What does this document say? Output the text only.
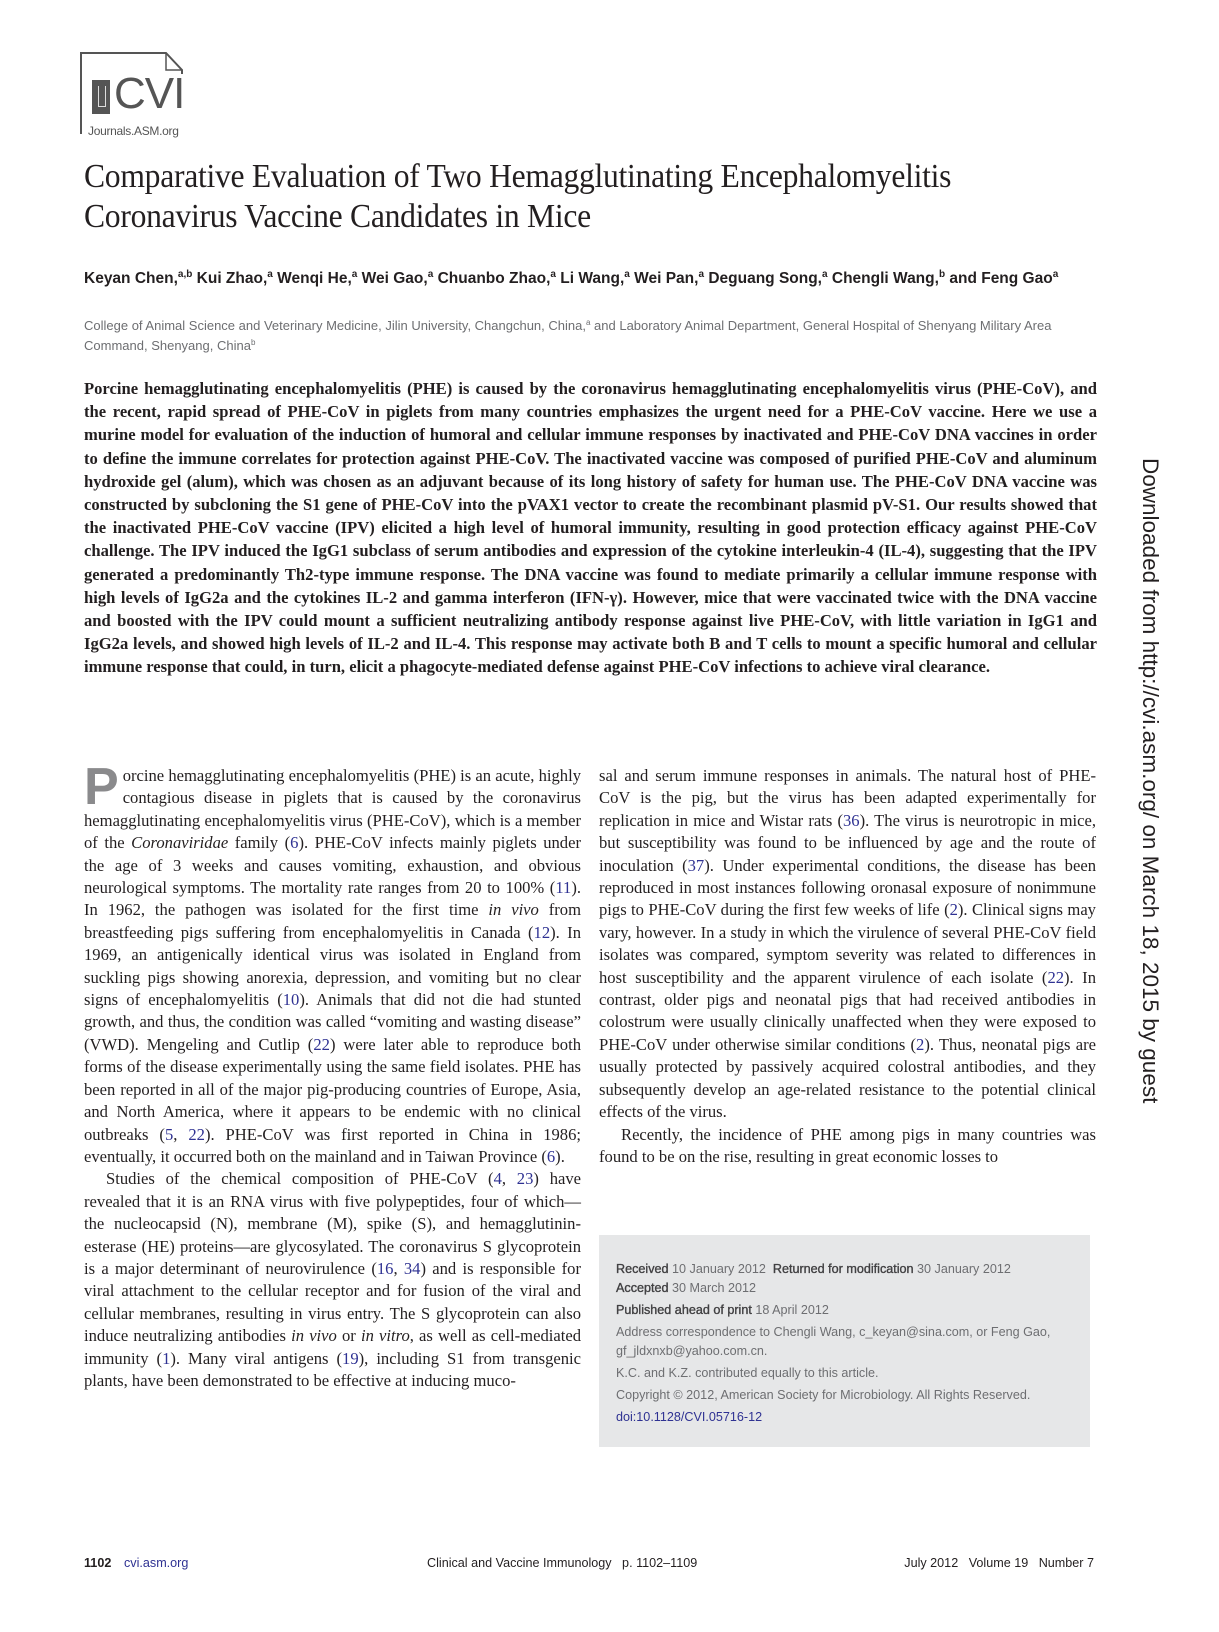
CVI
Journals.ASM.org
Comparative Evaluation of Two Hemagglutinating Encephalomyelitis Coronavirus Vaccine Candidates in Mice
Keyan Chen,$^{a,b}$ Kui Zhao,$^a$ Wenqi He,$^a$ Wei Gao,$^a$ Chuanbo Zhao,$^a$ Li Wang,$^a$ Wei Pan,$^a$ Deguang Song,$^a$ Chengli Wang,$^b$ and Feng Gao$^a$
College of Animal Science and Veterinary Medicine, Jilin University, Changchun, China,$^a$ and Laboratory Animal Department, General Hospital of Shenyang Military Area Command, Shenyang, China$^b$
Porcine hemagglutinating encephalomyelitis (PHE) is caused by the coronavirus hemagglutinating encephalomyelitis virus (PHE-CoV), and the recent, rapid spread of PHE-CoV in piglets from many countries emphasizes the urgent need for a PHE-CoV vaccine. Here we use a murine model for evaluation of the induction of humoral and cellular immune responses by inactivated and PHE-CoV DNA vaccines in order to define the immune correlates for protection against PHE-CoV. The inactivated vaccine was composed of purified PHE-CoV and aluminum hydroxide gel (alum), which was chosen as an adjuvant because of its long history of safety for human use. The PHE-CoV DNA vaccine was constructed by subcloning the S1 gene of PHE-CoV into the pVAX1 vector to create the recombinant plasmid pV-S1. Our results showed that the inactivated PHE-CoV vaccine (IPV) elicited a high level of humoral immunity, resulting in good protection efficacy against PHE-CoV challenge. The IPV induced the IgG1 subclass of serum antibodies and expression of the cytokine interleukin-4 (IL-4), suggesting that the IPV generated a predominantly Th2-type immune response. The DNA vaccine was found to mediate primarily a cellular immune response with high levels of IgG2a and the cytokines IL-2 and gamma interferon (IFN-γ). However, mice that were vaccinated twice with the DNA vaccine and boosted with the IPV could mount a sufficient neutralizing antibody response against live PHE-CoV, with little variation in IgG1 and IgG2a levels, and showed high levels of IL-2 and IL-4. This response may activate both B and T cells to mount a specific humoral and cellular immune response that could, in turn, elicit a phagocyte-mediated defense against PHE-CoV infections to achieve viral clearance.

Porcine hemagglutinating encephalomyelitis (PHE) is an acute, highly contagious disease in piglets that is caused by the coronavirus hemagglutinating encephalomyelitis virus (PHE-CoV), which is a member of the Coronaviridae family (6). PHE-CoV infects mainly piglets under the age of 3 weeks and causes vomiting, exhaustion, and obvious neurological symptoms. The mortality rate ranges from 20 to 100% (11). In 1962, the pathogen was isolated for the first time in vivo from breastfeeding pigs suffering from encephalomyelitis in Canada (12). In 1969, an antigenically identical virus was isolated in England from suckling pigs showing anorexia, depression, and vomiting but no clear signs of encephalomyelitis (10). Animals that did not die had stunted growth, and thus, the condition was called “vomiting and wasting disease” (VWD). Mengeling and Cutlip (22) were later able to reproduce both forms of the disease experimentally using the same field isolates. PHE has been reported in all of the major pig-producing countries of Europe, Asia, and North America, where it appears to be endemic with no clinical outbreaks (5, 22). PHE-CoV was first reported in China in 1986; eventually, it occurred both on the mainland and in Taiwan Province (6).

Studies of the chemical composition of PHE-CoV (4, 23) have revealed that it is an RNA virus with five polypeptides, four of which—the nucleocapsid (N), membrane (M), spike (S), and hemagglutinin-esterase (HE) proteins—are glycosylated. The coronavirus S glycoprotein is a major determinant of neurovirulence (16, 34) and is responsible for viral attachment to the cellular receptor and for fusion of the viral and cellular membranes, resulting in virus entry. The S glycoprotein can also induce neutralizing antibodies in vivo or in vitro, as well as cell-mediated immunity (1). Many viral antigens (19), including S1 from transgenic plants, have been demonstrated to be effective at inducing muco-

sal and serum immune responses in animals. The natural host of PHE-CoV is the pig, but the virus has been adapted experimentally for replication in mice and Wistar rats (36). The virus is neurotropic in mice, but susceptibility was found to be influenced by age and the route of inoculation (37). Under experimental conditions, the disease has been reproduced in most instances following oronasal exposure of nonimmune pigs to PHE-CoV during the first few weeks of life (2). Clinical signs may vary, however. In a study in which the virulence of several PHE-CoV field isolates was compared, symptom severity was related to differences in host susceptibility and the apparent virulence of each isolate (22). In contrast, older pigs and neonatal pigs that had received antibodies in colostrum were usually clinically unaffected when they were exposed to PHE-CoV under otherwise similar conditions (2). Thus, neonatal pigs are usually protected by passively acquired colostral antibodies, and they subsequently develop an age-related resistance to the potential clinical effects of the virus.

Recently, the incidence of PHE among pigs in many countries was found to be on the rise, resulting in great economic losses to

Received 10 January 2012 Returned for modification 30 January 2012
Accepted 30 March 2012
Published ahead of print 18 April 2012
Address correspondence to Chengli Wang, c_keyan@sina.com, or Feng Gao, gf_jldxnxb@yahoo.com.cn.
K.C. and K.Z. contributed equally to this article.
Copyright © 2012, American Society for Microbiology. All Rights Reserved.
doi:10.1128/CVI.05716-12
1102 cvi.asm.org	Clinical and Vaccine Immunology   p. 1102–1109	July 2012   Volume 19   Number 7
Downloaded from http://cvi.asm.org/ on March 18, 2015 by guest
